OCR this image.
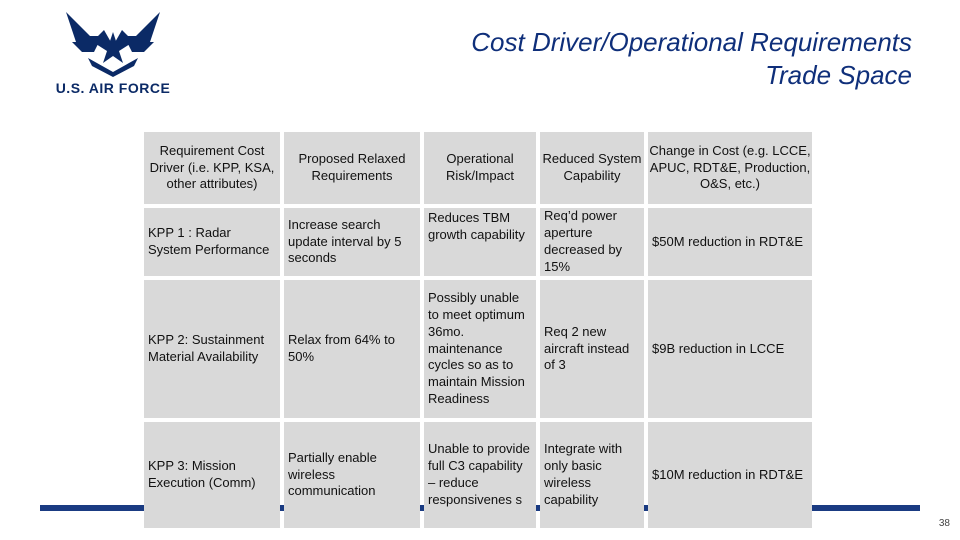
U.S. AIR FORCE
Cost Driver/Operational Requirements
Trade Space
Requirement Cost Driver (i.e. KPP, KSA, other attributes)
Proposed Relaxed Requirements
Operational Risk/Impact
Reduced System Capability
Change in Cost (e.g. LCCE, APUC, RDT&E, Production, O&S, etc.)
KPP 1 : Radar System Performance
Increase search update interval by 5 seconds
Reduces TBM growth capability
Req’d power aperture decreased by 15%
$50M reduction in RDT&E
KPP 2: Sustainment Material Availability
Relax from 64% to 50%
Possibly unable to meet optimum 36mo. maintenance cycles so as to maintain Mission Readiness
Req 2 new aircraft instead of 3
$9B reduction in LCCE
KPP 3: Mission Execution (Comm)
Partially enable wireless communication
Unable to provide full C3 capability – reduce responsivenes s
Integrate with only basic wireless capability
$10M reduction in RDT&E
38
